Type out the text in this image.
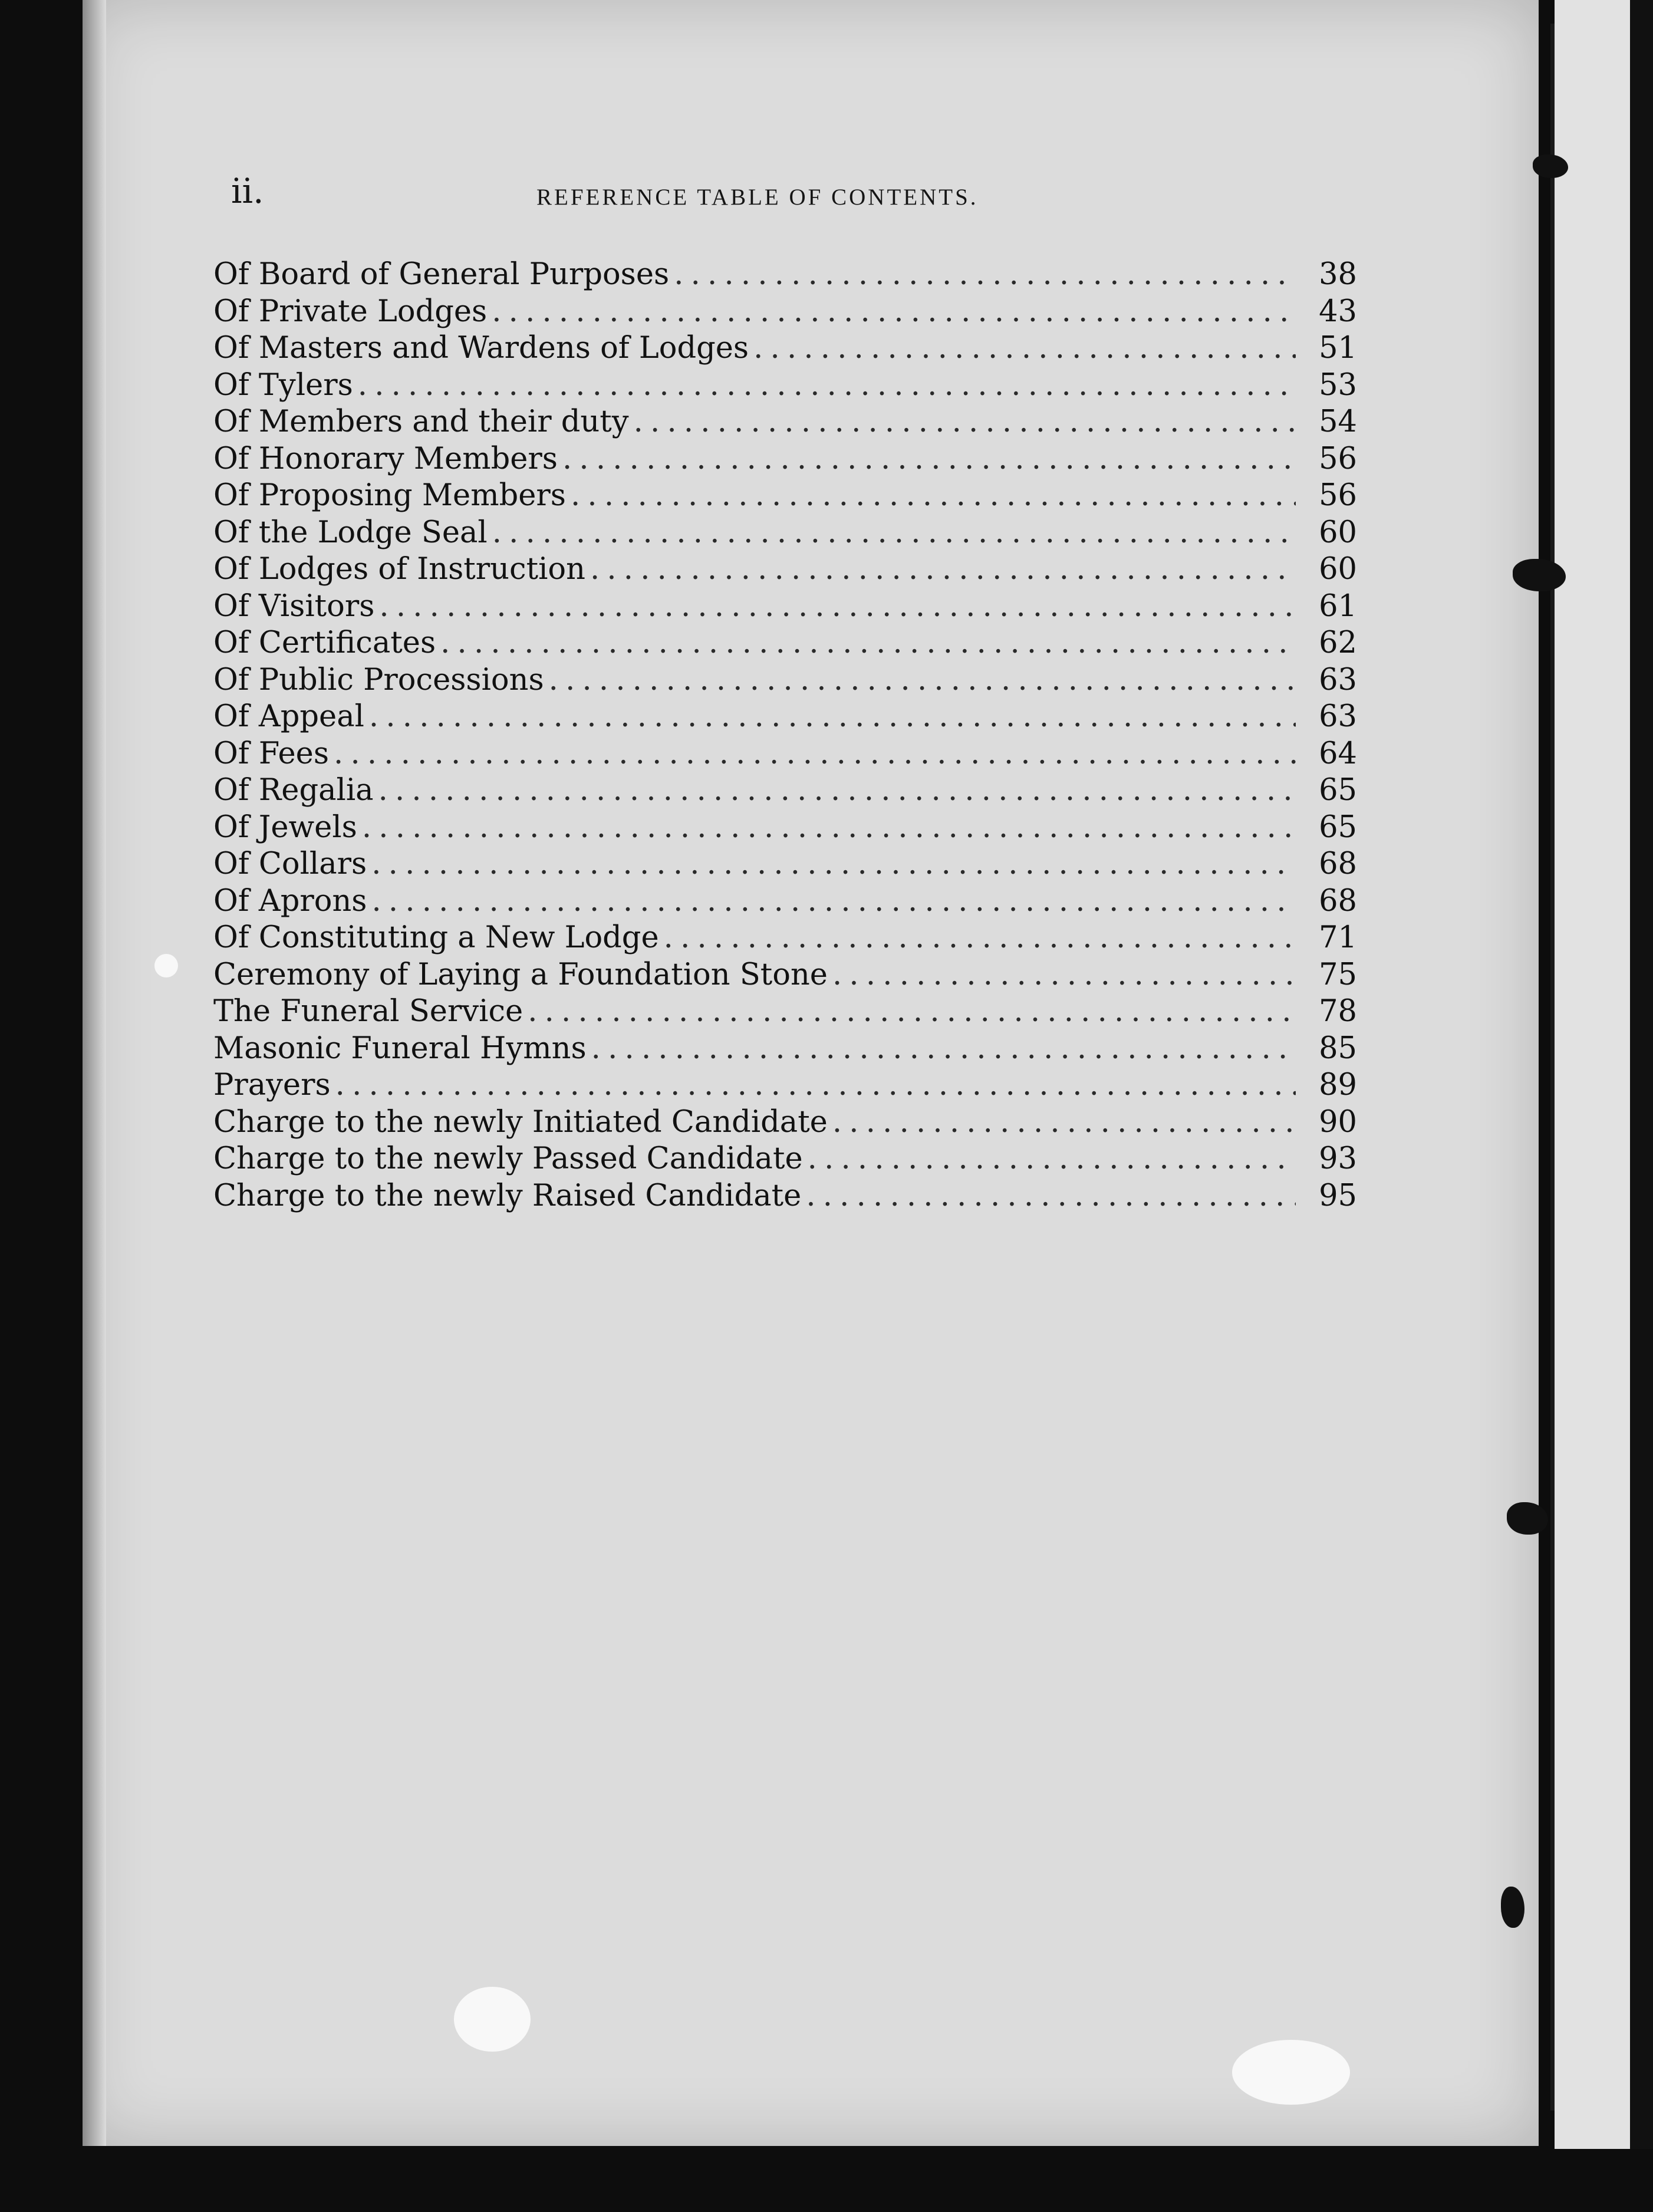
ii.	REFERENCE TABLE OF CONTENTS.
Of Board of General Purposes . . .	38
Of Private Lodges . . .	43
Of Masters and Wardens of Lodges . . .	51
Of Tylers . . .	53
Of Members and their duty . . .	54
Of Honorary Members . . .	56
Of Proposing Members . . .	56
Of the Lodge Seal . . .	60
Of Lodges of Instruction . . .	60
Of Visitors . . .	61
Of Certificates . . .	62
Of Public Processions . . .	63
Of Appeal . . .	63
Of Fees . . .	64
Of Regalia . . .	65
Of Jewels . . .	65
Of Collars . . .	68
Of Aprons . . .	68
Of Constituting a New Lodge . . .	71
Ceremony of Laying a Foundation Stone . . .	75
The Funeral Service . . .	78
Masonic Funeral Hymns . . .	85
Prayers . . .	89
Charge to the newly Initiated Candidate . . .	90
Charge to the newly Passed Candidate . . .	93
Charge to the newly Raised Candidate . . .	95
